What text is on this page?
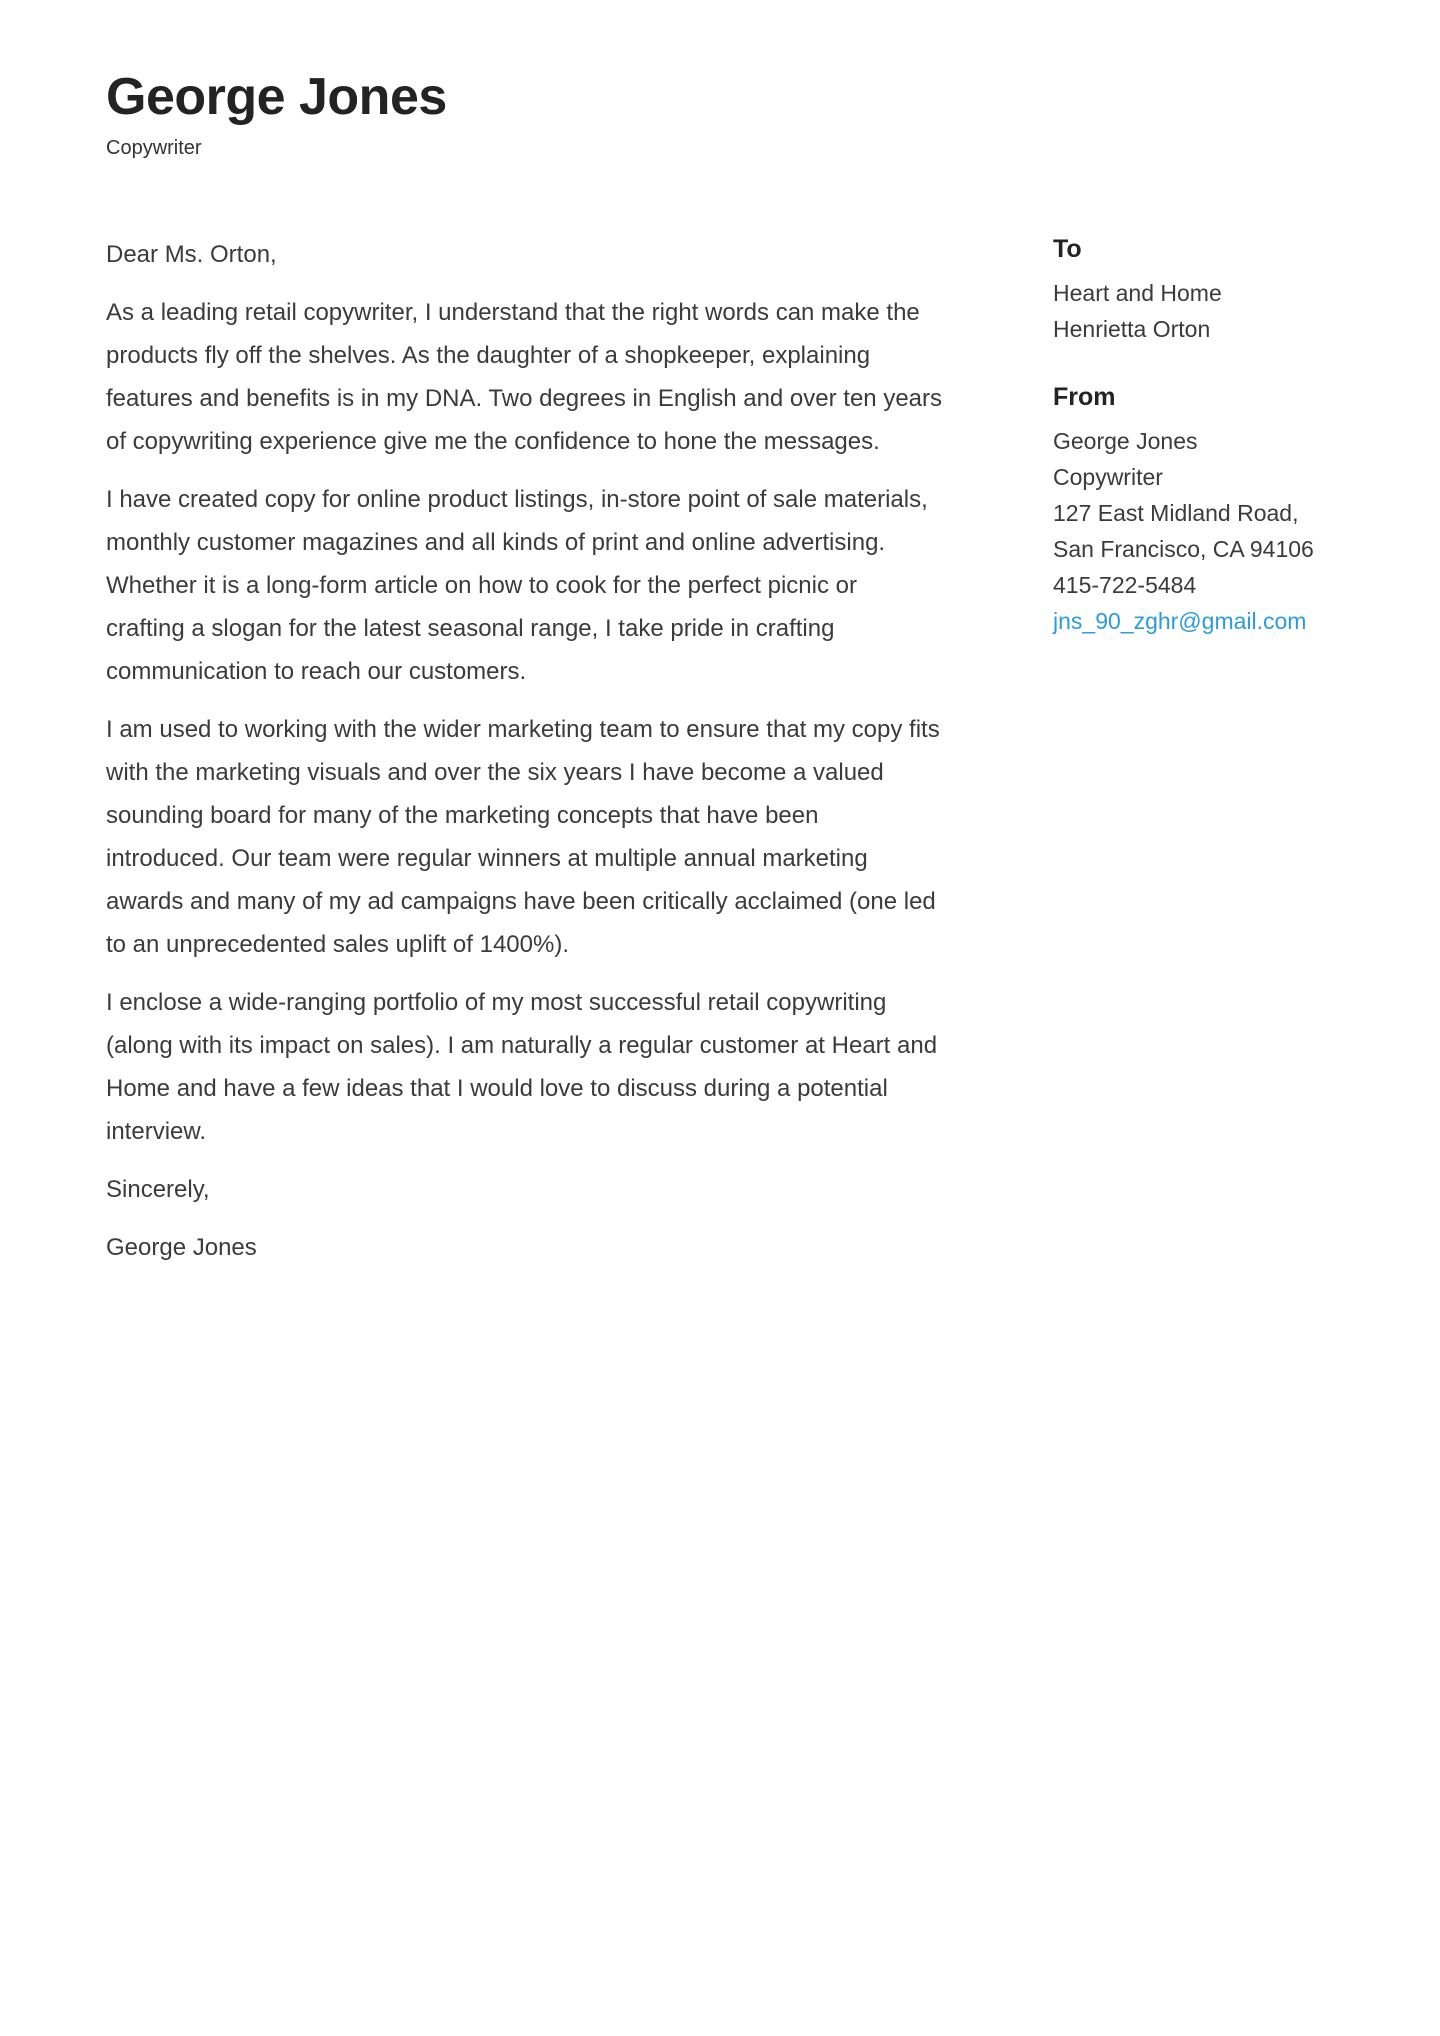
George Jones
Copywriter

Dear Ms. Orton,

As a leading retail copywriter, I understand that the right words can make the products fly off the shelves. As the daughter of a shopkeeper, explaining features and benefits is in my DNA. Two degrees in English and over ten years of copywriting experience give me the confidence to hone the messages.

I have created copy for online product listings, in-store point of sale materials, monthly customer magazines and all kinds of print and online advertising. Whether it is a long-form article on how to cook for the perfect picnic or crafting a slogan for the latest seasonal range, I take pride in crafting communication to reach our customers.

I am used to working with the wider marketing team to ensure that my copy fits with the marketing visuals and over the six years I have become a valued sounding board for many of the marketing concepts that have been introduced. Our team were regular winners at multiple annual marketing awards and many of my ad campaigns have been critically acclaimed (one led to an unprecedented sales uplift of 1400%).

I enclose a wide-ranging portfolio of my most successful retail copywriting (along with its impact on sales). I am naturally a regular customer at Heart and Home and have a few ideas that I would love to discuss during a potential interview.

Sincerely,

George Jones

To
Heart and Home
Henrietta Orton
From
George Jones
Copywriter
127 East Midland Road,
San Francisco, CA 94106
415-722-5484
jns_90_zghr@gmail.com
